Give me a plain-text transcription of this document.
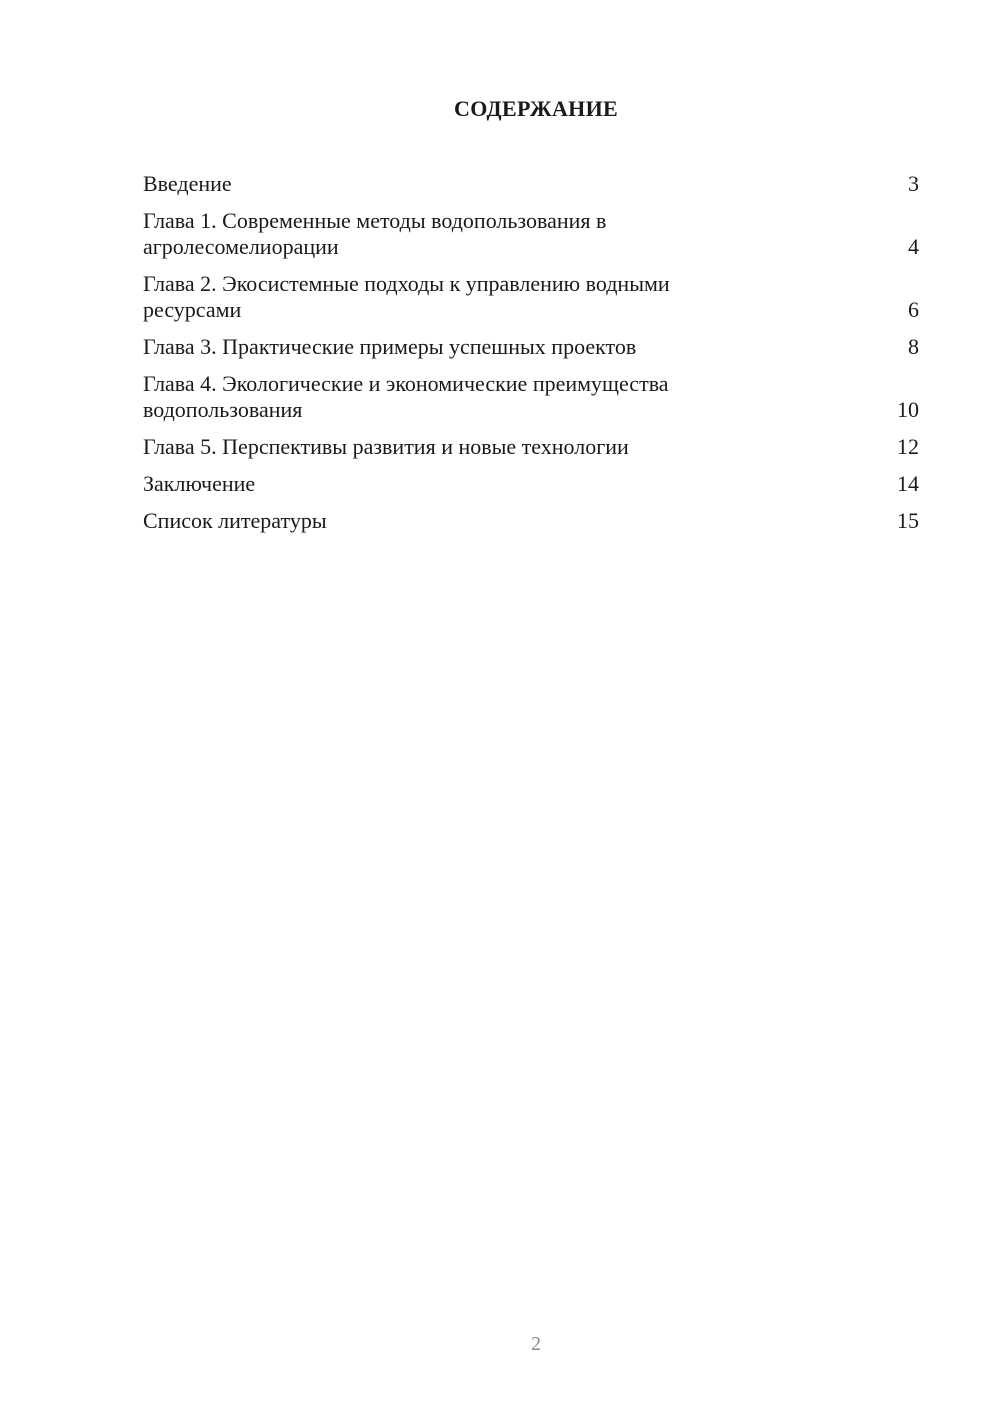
СОДЕРЖАНИЕ
Введение	3
Глава 1. Современные методы водопользования в агролесомелиорации	4
Глава 2. Экосистемные подходы к управлению водными ресурсами	6
Глава 3. Практические примеры успешных проектов	8
Глава 4. Экологические и экономические преимущества водопользования	10
Глава 5. Перспективы развития и новые технологии	12
Заключение	14
Список литературы	15
2
